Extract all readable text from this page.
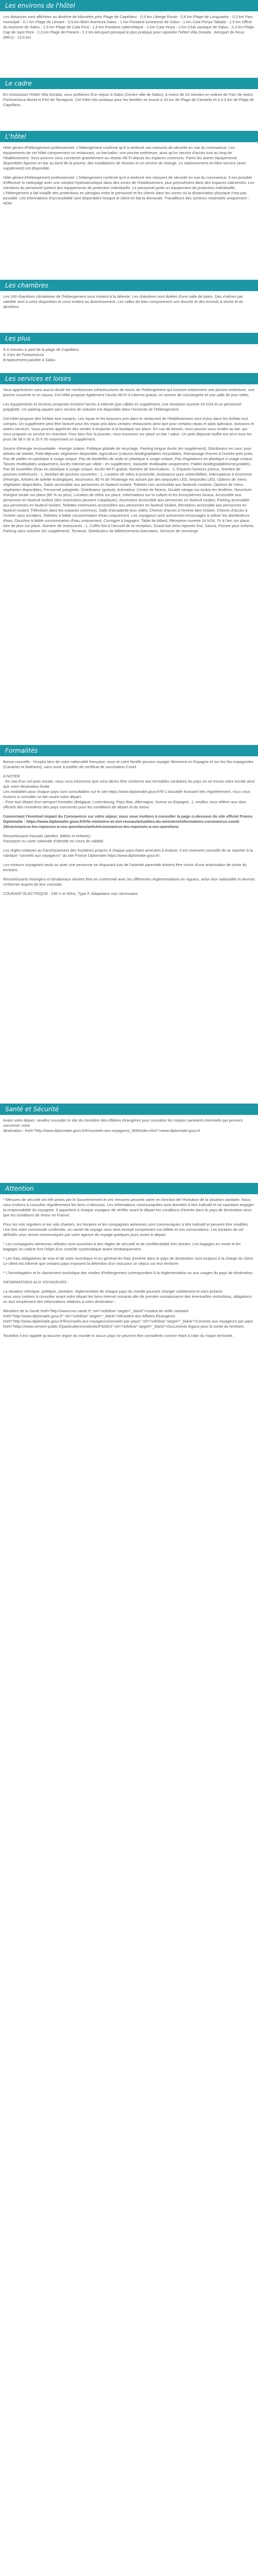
Les environs de l'hôtel

Les distances sont affichées au divième de kilomètre près Plage de Capellans - 0,3 km Liberge Route - 0,6 km Plage de Longuades - 0,3 km Parc municipal - 0,7 km Plage de Llevant - 0,9 km Beim Aventura Salou - 1 km Fontaine lumineuse de Salou - 1 km Cala Penya Tallada - 1,5 km Office du tourisme de Salou - 1,5 km Plage de Cala Font - 1,8 km Fontaine cybernétique - 2 km Cala Vinya - 2 km Club nautique de Salou - 2,3 km Platja Cap de Sant Pere - 2,3 km Plage de Ponent - 2,3 km Aéroport principal le plus pratique pour rejoindre l'Hôtel Villa Dorada : Aéroport de Reus (REU) - 13,6 km

Le cadre

En choisissant l'Hôtel Villa Dorada, vous profiterez d'un séjour à Salou (Centre-ville de Salou), à moins de 15 minutes en voiture de Parc de loisirs PortAventura World et Port de Tarragone. Cet hôtel très pratique pour les familles se trouve à 10 km de Plage de Cambrils et à 0,3 km de Plage de Capellans.

L'hôtel

Hôte gérant d'hébergement professionnel. L'hébergement confirme qu'il a renforcé ses mesures de sécurité en vue du coronavirus. Les équipements de cet hôtel comprennent un restaurant, un bar/salon, une piscine extérieure, ainsi qu'un service d'accès tout au long de l'établissement. Vous pourrez vous connecter gratuitement au réseau Wi-Fi depuis les espaces communs. Parmi les autres équipements disponibles figurent un bar au bord de la piscine, des installations de réunion et un service de change. Le stationnement en libre-service (avec supplément) est disponible.

Hôte gérant d'hébergement professionnel. L'hébergement confirme qu'il a renforcé ses mesures de sécurité en vue du coronavirus. Il est possible d'effectuer le nettoyage avec une solution hydroalcoolique dans des zones de l'établissement, plus précisément dans des espaces clairsemés. Les membres du personnel portent des équipements de protection individuelle. Le personnel porte un équipement de protection individuelle. L'hébergement a fait installé des protections en plexiglas entre le personnel et les clients dans les zones où la distanciation physique n'est pas possible. Les informations d'accessibilité sont disponibles lorsque le client en fait la demande. Travailleurs des secteurs essentiels uniquement - NON

Les chambres

Les 240 chambres climatisées de l'hébergement vous invitent à la détente. Les chambres sont dotées d'une salle de bains. Des chaînes par satellite sont à votre disposition et vous invitent au divertissement. Les salles de bain comprennent une douche et des linceuls à sèche et du dentifrice.

Les plus

À 6 minutes à pied de la plage de Capellans
À 3 km de Portaventura
Emplacement paisible à Salou

Les services et loisirs

Vous apprécierez sans aucun doute les nombreuses infrastructures de loisirs de l'hébergement qui incluent notamment une piscine extérieure, une piscine couverte et un sauna. Cet hôtel propose également l'accès Wi-Fi à Internet gratuit, un service de conciergerie et une salle de jeux vidéo.

Les équipements et services proposés incluent l'accès à Internet (par câble) en supplément, une réception ouverte 24 h/24 et un personnel polyglotte. Un parking payant sans service de voiturier est disponible dans l'enceinte de l'hébergement.

Cet hôtel propose des forfaits tout compris. Les repas et les boissons pris dans le restaurant de l'établissement sont inclus dans les forfaits tout compris. Un supplément peut être facturé pour les repas pris dans certains restaurants ainsi que pour certains repas et plats spéciaux, boissons et autres services. Vous pourrez apprécier des ventes à emporter à la boutique sur place. En cas de besoin, vous pouvez vous rendre au bar, qui vous propose un service en chambre. Pour bien finir la journée, vous trouverez sur place un bar / salon. Un petit déjeuner buffet est servi tous les jours de 08 h 00 à 10 h 30 moyennant un supplément.

Source d'énergie renouvelable - énergie solaire, Politique globale de recyclage, Parking longue durée (en supplément), Distributeur en cour, pour articles de toilette, Petit-déjeuner végétarien disponible, Agriculture (cultures biodégradables recyclables, Ramassage d'ocres à l'entrée près puits, Pas de pailles en plastique à usage unique, Pas de bouteilles de soda en plastique à usage unique, Pas d'agitateurs en plastique à usage unique, Tasses réutilisables uniquement, Accès Internet par câble - en supplément, Vaisselle réutilisable uniquement, Pailles biodégradables/recyclables, Pas de bouteilles d'eau en plastique à usage unique, Accès Wi-Fi gratuit, Nombre de bars/salons : 3, Espaces fumeurs prévus, Nombre de piscines extérieures : 1, Nombre de piscines couvertes : 1, Location de vélos à proximité, Assistance pour visites/billets, Interrupteurs à économie d'énergie, Articles de toilette écologiques, Ascenseur, 80 % de l'éclairage est assuré par des ampoules LED, Ampoules LED, Options de menu végétarien disponibles, Salon accessible aux personnes en fauteuil roulant, Toilettes non accessible aux fauteuils roulants, Options de menu végétarien disponibles, Personnel polyglotte, Distributeur (gratuit), Animateur, Centre de fitness, Double vitrage sur toutes les fenêtres, Nourriture d'origine locale sur place (80 % ou plus), Location de vélos sur place, Informations sur la culture et les écosystèmes locaux, Accessible aux personnes en fauteuil roulant (des restrictions peuvent s'appliquer), Ascenseur accessible aux personnes en fauteuil roulant, Parking accessible aux personnes en fauteuil roulant, Toilettes communes accessibles aux personnes en fauteuil roulant, Réception accessible aux personnes en fauteuil roulant, Télévision dans les espaces communs, Salle d'arcade/de jeux vidéo, Chemin d'accès à l'entrée bien éclairé, Chemin d'accès à l'entrée sans escaliers, Toilettes à faible consommation d'eau uniquement, Les voyageurs sont activement encouragés à utiliser les distributeurs d'eau, Douches à faible consommation d'eau uniquement, Consigne à bagages, Table de billard, Réception ouverte 24 h/24, Tri à l'arc sur place, Aire de jeux sur place, Nombre de restaurants : 1, Coffre-fort à l'accueil de la réception, Snack-bar et/ou épicerie fine, Sauna, Piscine pour enfants, Parking sans voiturier (en supplément), Terrasse, Distributeur de billets/services bancaires, Services de concierge

Formalités

Bonne nouvelle : l'emploi tiers de votre nationalité française, vous et votre famille pouvez voyager librement en Espagne et sur les îles espagnoles (Canaries et Baléares), sans avoir à justifier de certificat de vaccination Covid.

A NOTER
- En cas d'un vol avec escale, nous vous informons que vous devez être conforme aux formalités sanitaires du pays où se trouve votre escale ainsi que votre destination finale.
Les modalités pour chaque pays sont consultables sur le site https://www.diplomatie.gouv.fr/fr/ L'actualité évoluant très régulièrement, nous vous invitons à consulter ce lien avant votre départ.
- Pour tout départ d'un aéroport frontalier (Belgique, Luxembourg, Pays-Bas, Allemagne, Suisse ou Espagne...), veuillez vous référer aux sites officiels des ministères des pays concernés pour les conditions de départ et de retour.

Concernant l'éventuel impact du Coronavirus sur votre séjour, nous vous invitons à consulter la page ci-dessous du site officiel France Diplomatie : https://www.diplomatie.gouv.fr/fr/le-ministere-et-son-reseau/actualites-du-ministere/informations-coronavirus-covid-19/coronavirus-les-reponses-a-vos-questions/article/coronavirus-les-reponses-a-vos-questions

Ressortissants français (adultes, bébés et enfants) :
Passeport ou carte nationale d'identité en cours de validité.

Les règles relatives au franchissement des frontières propres à chaque pays étant amenées à évoluer, il est vivement conseillé de se reporter à la rubrique "conseils aux voyageurs" du site France Diplomatie.https://www.diplomatie.gouv.fr/.

Les mineurs voyageant seuls ou avec une personne ne disposant pas de l'autorité parentale doivent être munis d'une autorisation de sortie du territoire.

Ressortissants étrangers et binationaux doivent être en conformité avec les différentes réglementations en vigueur, selon leur nationalité et devront s'informer auprès de leur consulat.

COURANT ÉLECTRIQUE : 230 V et 50Hz, Type F. Adaptateur non nécessaire.

Santé et Sécurité

Avant votre départ, veuillez consulter le site du ministère des Affaires étrangères pour connaître les risques sanitaires éventuels qui peuvent concerner votre
destination : href="http://www.diplomatie.gouv.fr/fr/conseils-aux-voyageurs_909/index.html">www.diplomatie.gouv.fr

Attention

* Mesures de sécurité ont été prises par le Gouvernement et ces mesures peuvent varier en fonction de l'évolution de la situation sanitaire. Nous vous invitons à consulter régulièrement les liens ci-dessous. Les informations communiquées sont données à titre indicatif et ne sauraient engager la responsabilité du voyagiste. Il appartient à chaque voyageur de vérifier avant le départ les conditions d'entrée dans le pays de destination ainsi que les conditions de retour en France.

Pour les vols réguliers et les vols charters, les horaires et les compagnies aériennes sont communiqués à titre indicatif et peuvent être modifiés. Une fois votre commande confirmée, un carnet de voyage vous sera envoyé comprenant vos billets et vos convocations. Les horaires de vol définitifs vous seront communiqués par votre agence de voyage quelques jours avant le départ.

* Les compagnies aériennes utilisées sont soumises à des règles de sécurité et de confidentialité très strictes. Les bagages en soute et les bagages en cabine font l'objet d'un contrôle systématique avant l'embarquement.

* Les frais obligatoires de visa et de carte touristique et en général les frais d'entrée dans le pays de destination sont toujours à la charge du client. Le client est informé que certains pays imposent la détention d'un visa pour un séjour sur leur territoire.

* L'homologation et le classement touristique des modes d'hébergement correspondent à la réglementation ou aux usages du pays de destination.

INFORMATIONS AUX VOYAGEURS :

La situation chimique, politique, sanitaire, réglementaire de chaque pays du monde pouvant changer subitement et sans préavis
nous vous invitons à consulter avant votre départ les liens internet suivants afin de prendre connaissance des éventuelles restrictions, obligations ou tout simplement des informations relatives à votre destination :

Ministère de la Santé href="http://www.invs.sante.fr" rel="nofollow" target="_blank">Institut de veille sanitaire
href="http://www.diplomatie.gouv.fr" rel="nofollow" target="_blank">Ministère des Affaires Étrangères href="http://www.diplomatie.gouv.fr/fr/conseils-aux-voyageurs/conseils-par-pays/" rel="nofollow" target="_blank">Conseils aux voyageurs par pays href="https://www.service-public.fr/particuliers/vosdroits/F32823" rel="nofollow" target="_blank">Documents légaux pour la sortie du territoire.

Toutefois il est rappelé qu'aucune région du monde ni aucun pays ne peuvent être considérés comme étant à l'abri du risque terroriste.
